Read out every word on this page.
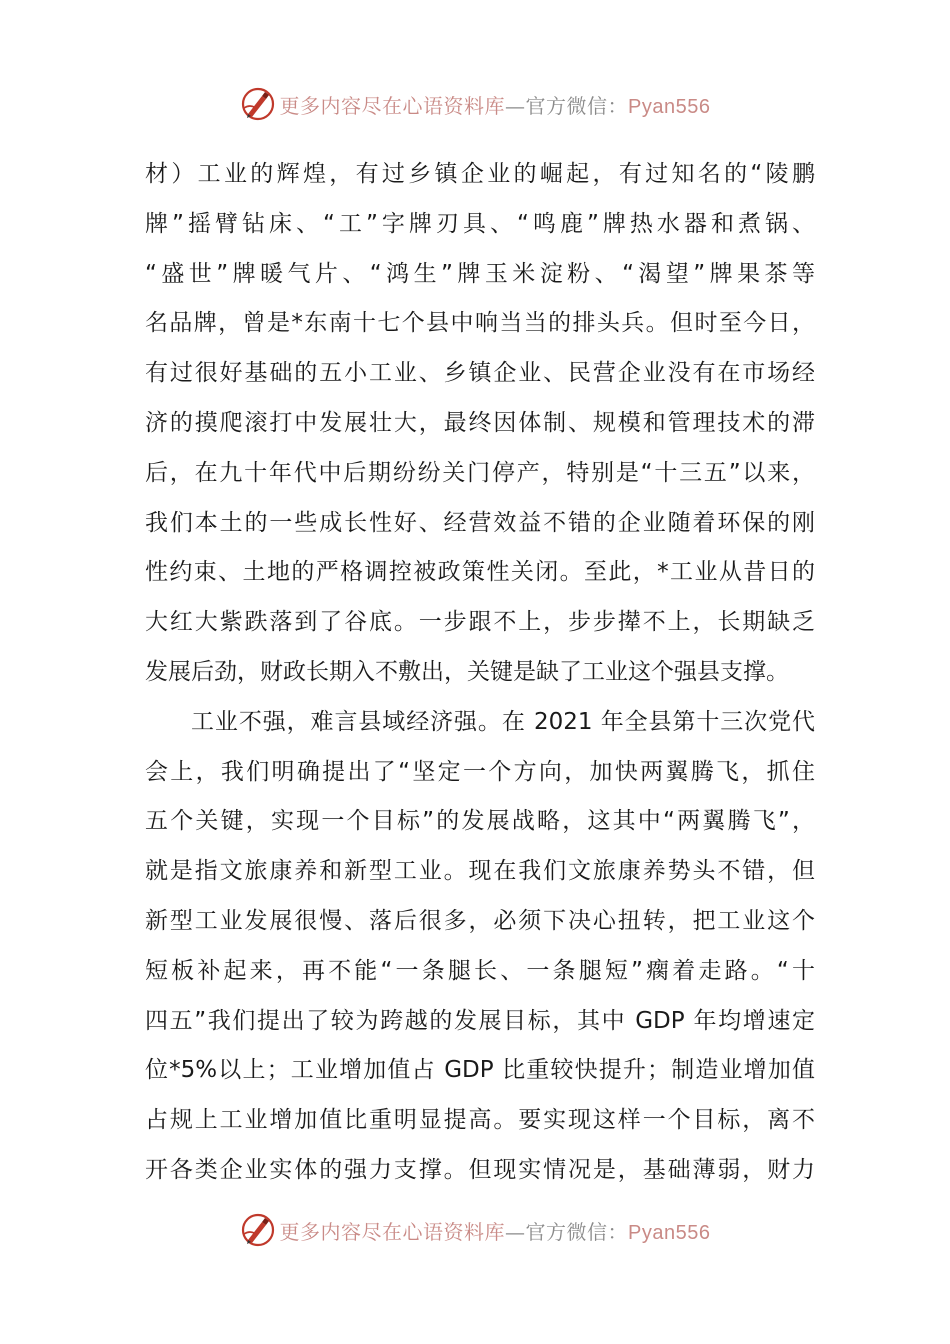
更多内容尽在心语资料库—官方微信：Pyan556
材）工业的辉煌，有过乡镇企业的崛起，有过知名的“陵鹏
牌”摇臂钻床、“工”字牌刃具、“鸣鹿”牌热水器和煮锅、
“盛世”牌暖气片、“鸿生”牌玉米淀粉、“渴望”牌果茶等
名品牌，曾是*东南十七个县中响当当的排头兵。但时至今日，
有过很好基础的五小工业、乡镇企业、民营企业没有在市场经
济的摸爬滚打中发展壮大，最终因体制、规模和管理技术的滞
后，在九十年代中后期纷纷关门停产，特别是“十三五”以来，
我们本土的一些成长性好、经营效益不错的企业随着环保的刚
性约束、土地的严格调控被政策性关闭。至此，*工业从昔日的
大红大紫跌落到了谷底。一步跟不上，步步撵不上，长期缺乏
发展后劲，财政长期入不敷出，关键是缺了工业这个强县支撑。
工业不强，难言县域经济强。在 2021 年全县第十三次党代
会上，我们明确提出了“坚定一个方向，加快两翼腾飞，抓住
五个关键，实现一个目标”的发展战略，这其中“两翼腾飞”，
就是指文旅康养和新型工业。现在我们文旅康养势头不错，但
新型工业发展很慢、落后很多，必须下决心扭转，把工业这个
短板补起来，再不能“一条腿长、一条腿短”瘸着走路。“十
四五”我们提出了较为跨越的发展目标，其中 GDP 年均增速定
位*5%以上；工业增加值占 GDP 比重较快提升；制造业增加值
占规上工业增加值比重明显提高。要实现这样一个目标，离不
开各类企业实体的强力支撑。但现实情况是，基础薄弱，财力
更多内容尽在心语资料库—官方微信：Pyan556
